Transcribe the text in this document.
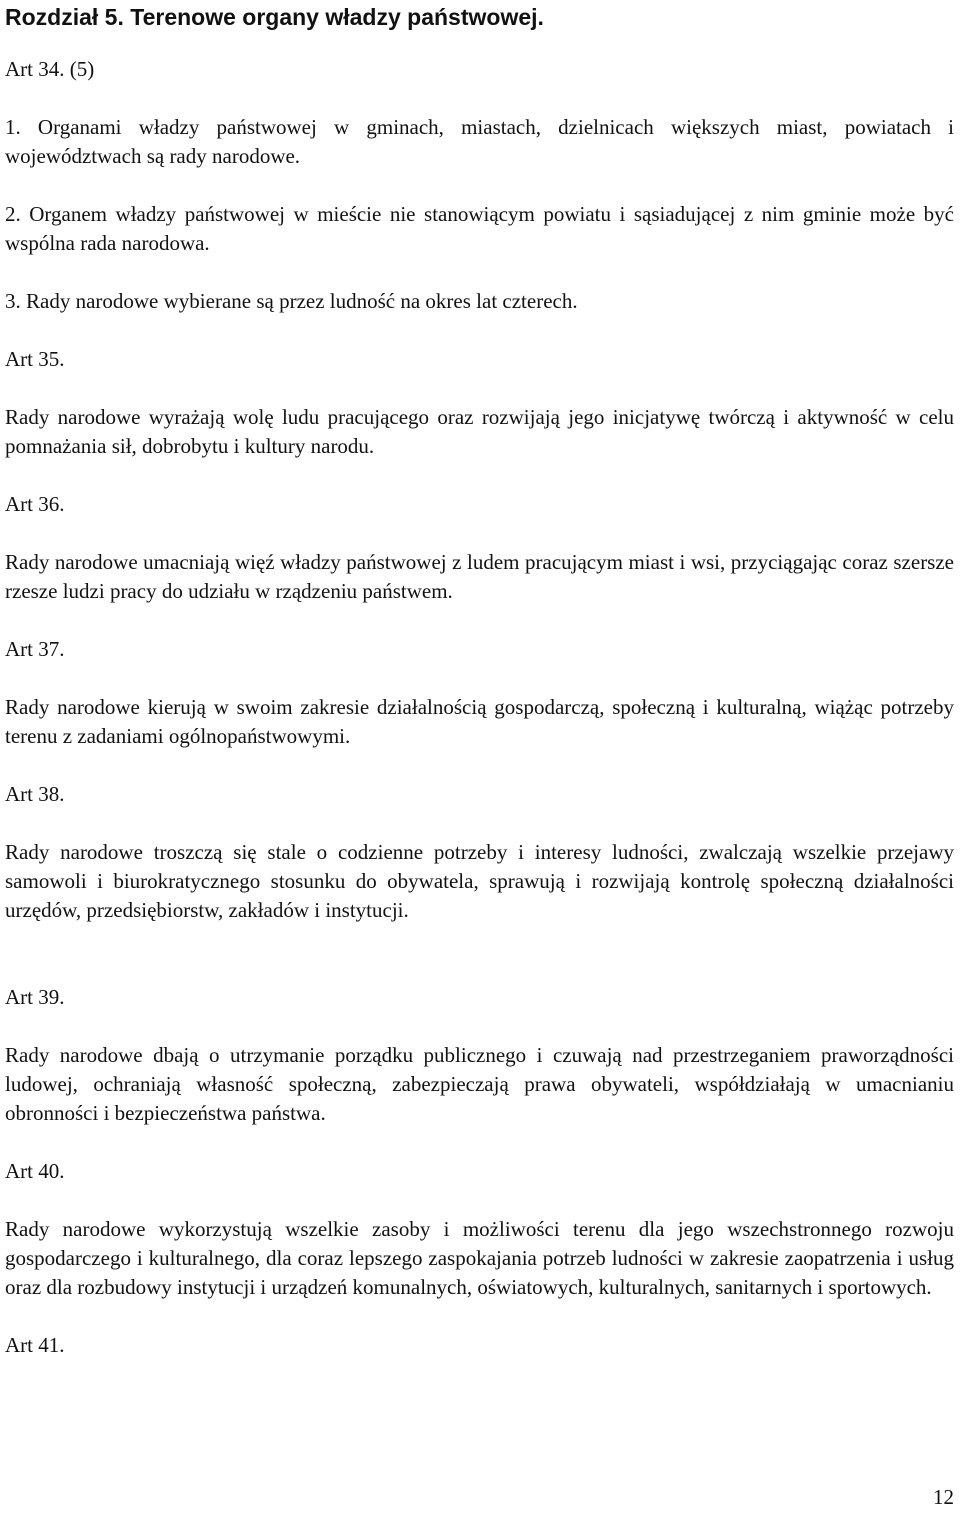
Rozdział 5. Terenowe organy władzy państwowej.
Art 34. (5)

1. Organami władzy państwowej w gminach, miastach, dzielnicach większych miast, powiatach i województwach są rady narodowe.

2. Organem władzy państwowej w mieście nie stanowiącym powiatu i sąsiadującej z nim gminie może być wspólna rada narodowa.

3. Rady narodowe wybierane są przez ludność na okres lat czterech.

Art 35.

Rady narodowe wyrażają wolę ludu pracującego oraz rozwijają jego inicjatywę twórczą i aktywność w celu pomnażania sił, dobrobytu i kultury narodu.

Art 36.

Rady narodowe umacniają więź władzy państwowej z ludem pracującym miast i wsi, przyciągając coraz szersze rzesze ludzi pracy do udziału w rządzeniu państwem.

Art 37.

Rady narodowe kierują w swoim zakresie działalnością gospodarczą, społeczną i kulturalną, wiążąc potrzeby terenu z zadaniami ogólnopaństwowymi.

Art 38.

Rady narodowe troszczą się stale o codzienne potrzeby i interesy ludności, zwalczają wszelkie przejawy samowoli i biurokratycznego stosunku do obywatela, sprawują i rozwijają kontrolę społeczną działalności urzędów, przedsiębiorstw, zakładów i instytucji.

Art 39.

Rady narodowe dbają o utrzymanie porządku publicznego i czuwają nad przestrzeganiem praworządności ludowej, ochraniają własność społeczną, zabezpieczają prawa obywateli, współdziałają w umacnianiu obronności i bezpieczeństwa państwa.

Art 40.

Rady narodowe wykorzystują wszelkie zasoby i możliwości terenu dla jego wszechstronnego rozwoju gospodarczego i kulturalnego, dla coraz lepszego zaspokajania potrzeb ludności w zakresie zaopatrzenia i usług oraz dla rozbudowy instytucji i urządzeń komunalnych, oświatowych, kulturalnych, sanitarnych i sportowych.

Art 41.
12
